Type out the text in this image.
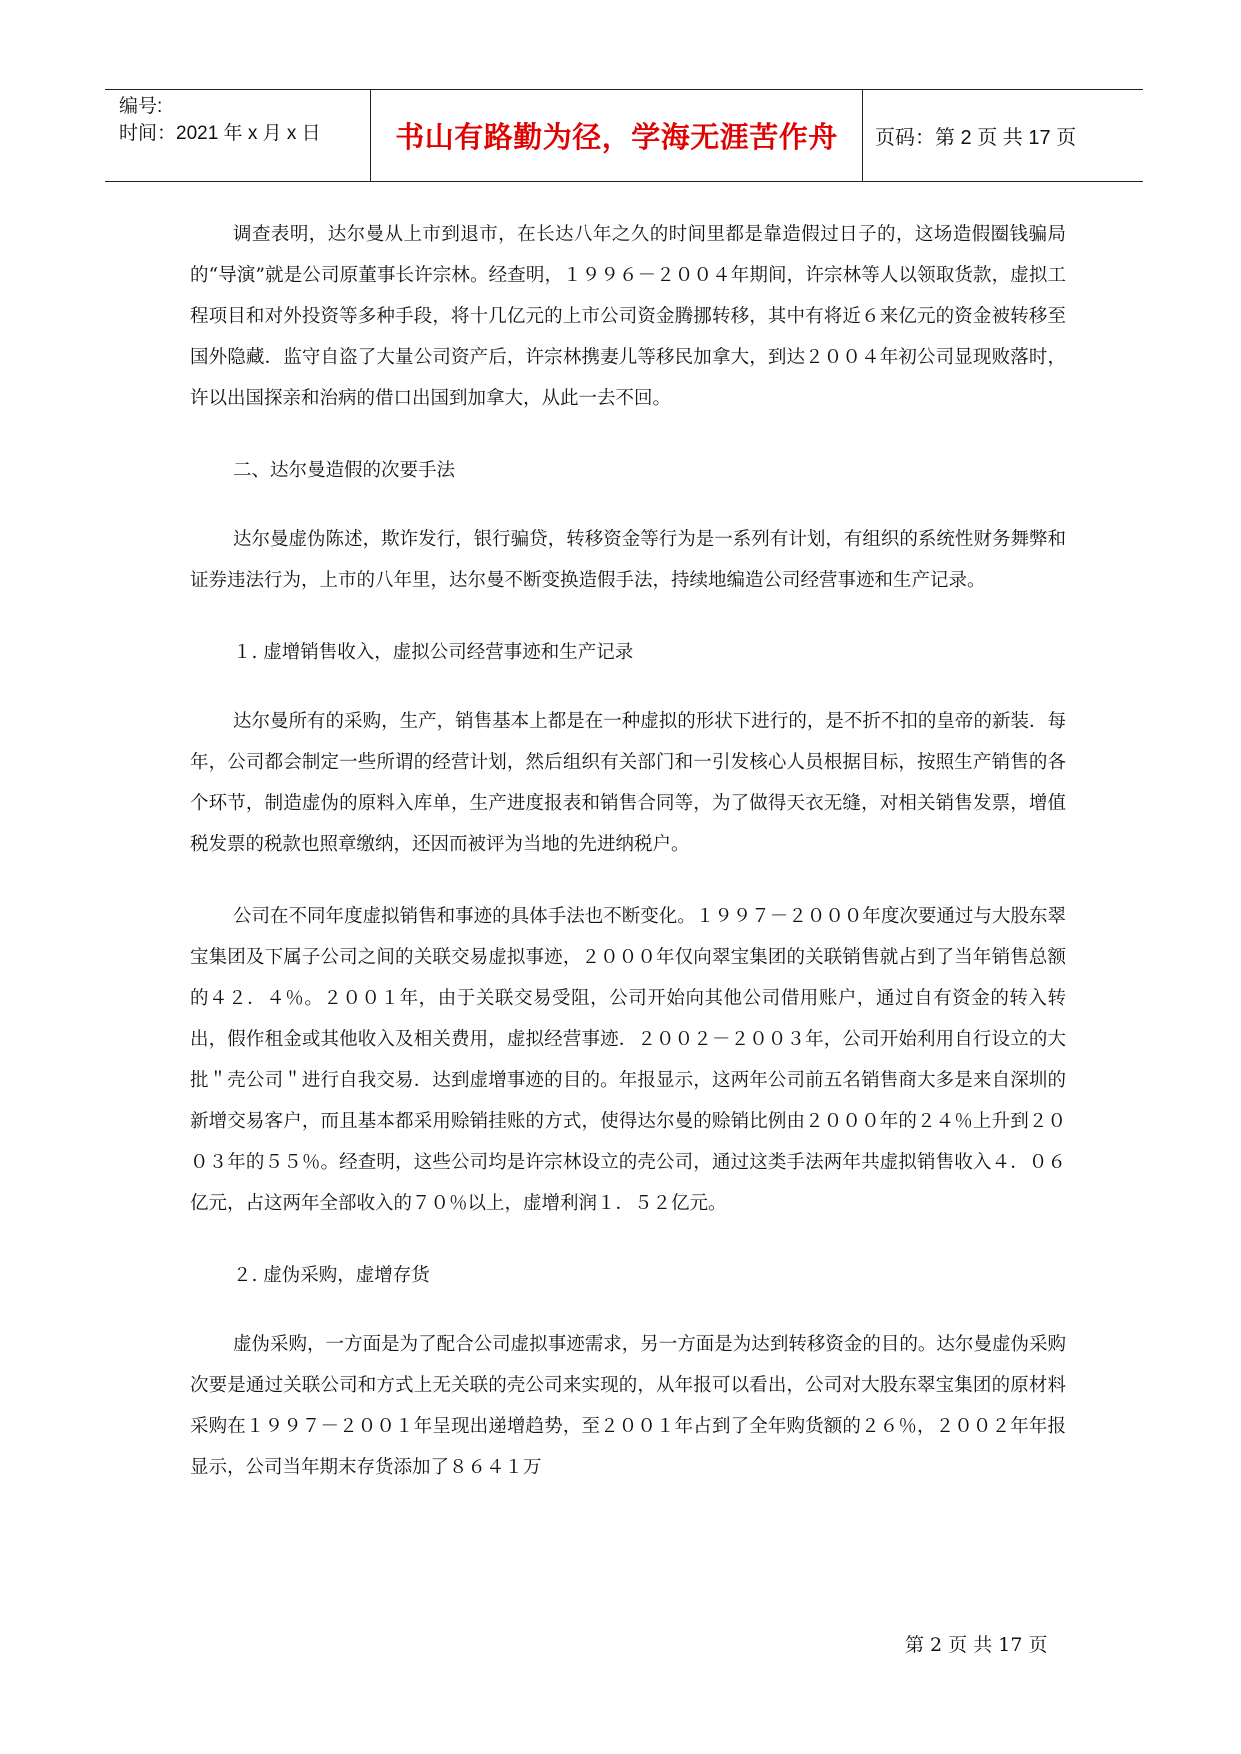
编号:
时间：2021 年 x 月 x 日	书山有路勤为径，学海无涯苦作舟	页码：第 2 页 共 17 页

调查表明，达尔曼从上市到退市，在长达八年之久的时间里都是靠造假过日子的，这场造假圈钱骗局的“导演”就是公司原董事长许宗林。经查明，１９９６－２００４年期间，许宗林等人以领取货款，虚拟工程项目和对外投资等多种手段，将十几亿元的上市公司资金腾挪转移，其中有将近６来亿元的资金被转移至国外隐藏．监守自盗了大量公司资产后，许宗林携妻儿等移民加拿大，到达２００４年初公司显现败落时，许以出国探亲和治病的借口出国到加拿大，从此一去不回。

二、达尔曼造假的次要手法

达尔曼虚伪陈述，欺诈发行，银行骗贷，转移资金等行为是一系列有计划，有组织的系统性财务舞弊和证券违法行为，上市的八年里，达尔曼不断变换造假手法，持续地编造公司经营事迹和生产记录。

１. 虚增销售收入，虚拟公司经营事迹和生产记录

达尔曼所有的采购，生产，销售基本上都是在一种虚拟的形状下进行的，是不折不扣的皇帝的新装．每年，公司都会制定一些所谓的经营计划，然后组织有关部门和一引发核心人员根据目标，按照生产销售的各个环节，制造虚伪的原料入库单，生产进度报表和销售合同等，为了做得天衣无缝，对相关销售发票，增值税发票的税款也照章缴纳，还因而被评为当地的先进纳税户。

公司在不同年度虚拟销售和事迹的具体手法也不断变化。１９９７－２０００年度次要通过与大股东翠宝集团及下属子公司之间的关联交易虚拟事迹，２０００年仅向翠宝集团的关联销售就占到了当年销售总额的４２．４％。２００１年，由于关联交易受阻，公司开始向其他公司借用账户，通过自有资金的转入转出，假作租金或其他收入及相关费用，虚拟经营事迹．２００２－２００３年，公司开始利用自行设立的大批＂壳公司＂进行自我交易．达到虚增事迹的目的。年报显示，这两年公司前五名销售商大多是来自深圳的新增交易客户，而且基本都采用赊销挂账的方式，使得达尔曼的赊销比例由２０００年的２４％上升到２００３年的５５％。经查明，这些公司均是许宗林设立的壳公司，通过这类手法两年共虚拟销售收入４．０６亿元，占这两年全部收入的７０％以上，虚增利润１．５２亿元。

２. 虚伪采购，虚增存货

虚伪采购，一方面是为了配合公司虚拟事迹需求，另一方面是为达到转移资金的目的。达尔曼虚伪采购次要是通过关联公司和方式上无关联的壳公司来实现的，从年报可以看出，公司对大股东翠宝集团的原材料采购在１９９７－２００１年呈现出递增趋势，至２００１年占到了全年购货额的２６％，２００２年年报显示，公司当年期末存货添加了８６４１万

第 2 页 共 17 页
